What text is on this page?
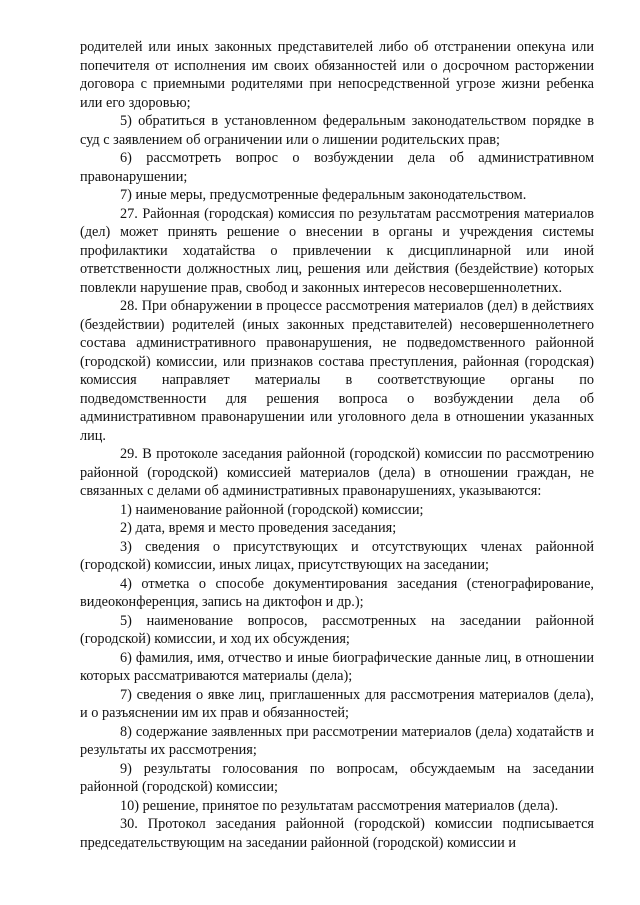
родителей или иных законных представителей либо об отстранении опекуна или попечителя от исполнения им своих обязанностей или о досрочном расторжении договора с приемными родителями при непосредственной угрозе жизни ребенка или его здоровью;

5) обратиться в установленном федеральным законодательством порядке в суд с заявлением об ограничении или о лишении родительских прав;

6) рассмотреть вопрос о возбуждении дела об административном правонарушении;

7) иные меры, предусмотренные федеральным законодательством.

27. Районная (городская) комиссия по результатам рассмотрения материалов (дел) может принять решение о внесении в органы и учреждения системы профилактики ходатайства о привлечении к дисциплинарной или иной ответственности должностных лиц, решения или действия (бездействие) которых повлекли нарушение прав, свобод и законных интересов несовершеннолетних.

28. При обнаружении в процессе рассмотрения материалов (дел) в действиях (бездействии) родителей (иных законных представителей) несовершеннолетнего состава административного правонарушения, не подведомственного районной (городской) комиссии, или признаков состава преступления, районная (городская) комиссия направляет материалы в соответствующие органы по подведомственности для решения вопроса о возбуждении дела об административном правонарушении или уголовного дела в отношении указанных лиц.

29. В протоколе заседания районной (городской) комиссии по рассмотрению районной (городской) комиссией материалов (дела) в отношении граждан, не связанных с делами об административных правонарушениях, указываются:

1) наименование районной (городской) комиссии;

2) дата, время и место проведения заседания;

3) сведения о присутствующих и отсутствующих членах районной (городской) комиссии, иных лицах, присутствующих на заседании;

4) отметка о способе документирования заседания (стенографирование, видеоконференция, запись на диктофон и др.);

5) наименование вопросов, рассмотренных на заседании районной (городской) комиссии, и ход их обсуждения;

6) фамилия, имя, отчество и иные биографические данные лиц, в отношении которых рассматриваются материалы (дела);

7) сведения о явке лиц, приглашенных для рассмотрения материалов (дела), и о разъяснении им их прав и обязанностей;

8) содержание заявленных при рассмотрении материалов (дела) ходатайств и результаты их рассмотрения;

9) результаты голосования по вопросам, обсуждаемым на заседании районной (городской) комиссии;

10) решение, принятое по результатам рассмотрения материалов (дела).

30. Протокол заседания районной (городской) комиссии подписывается председательствующим на заседании районной (городской) комиссии и
